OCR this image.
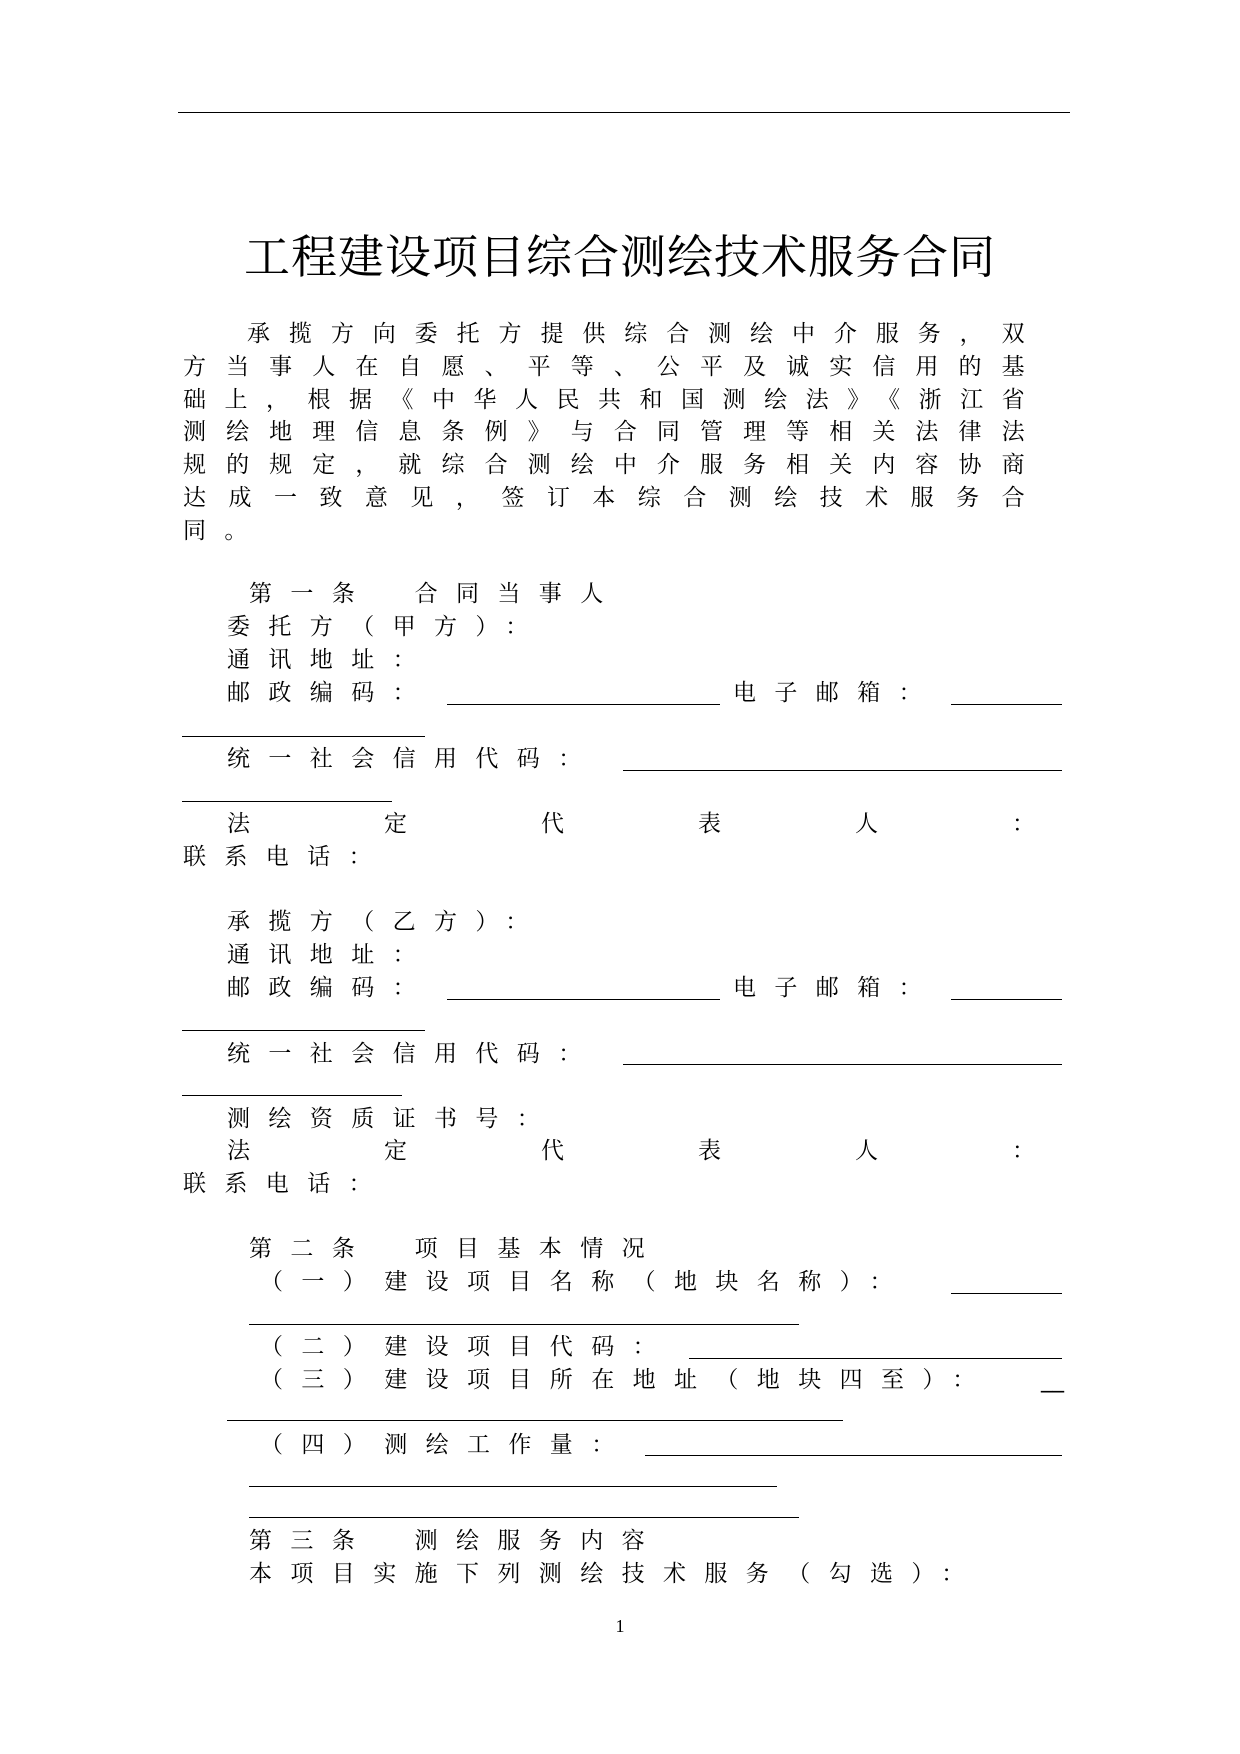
工程建设项目综合测绘技术服务合同

承揽方向委托方提供综合测绘中介服务，双方当事人在自愿、平等、公平及诚实信用的基础上，根据《中华人民共和国测绘法》《浙江省测绘地理信息条例》与合同管理等相关法律法规的规定，就综合测绘中介服务相关内容协商达成一致意见，签订本综合测绘技术服务合同。

第一条　合同当事人
委托方（甲方）：
通讯地址：
邮政编码：	电子邮箱：
统一社会信用代码：
法	定	代	表	人	：
联系电话：
承揽方（乙方）：
通讯地址：
邮政编码：	电子邮箱：
统一社会信用代码：
测绘资质证书号：
法	定	代	表	人	：
联系电话：
第二条　项目基本情况
（一）建设项目名称（地块名称）：
（二）建设项目代码：
（三）建设项目所在地址（地块四至）： __
（四）测绘工作量：
第三条　测绘服务内容
本项目实施下列测绘技术服务（勾选）：
1
